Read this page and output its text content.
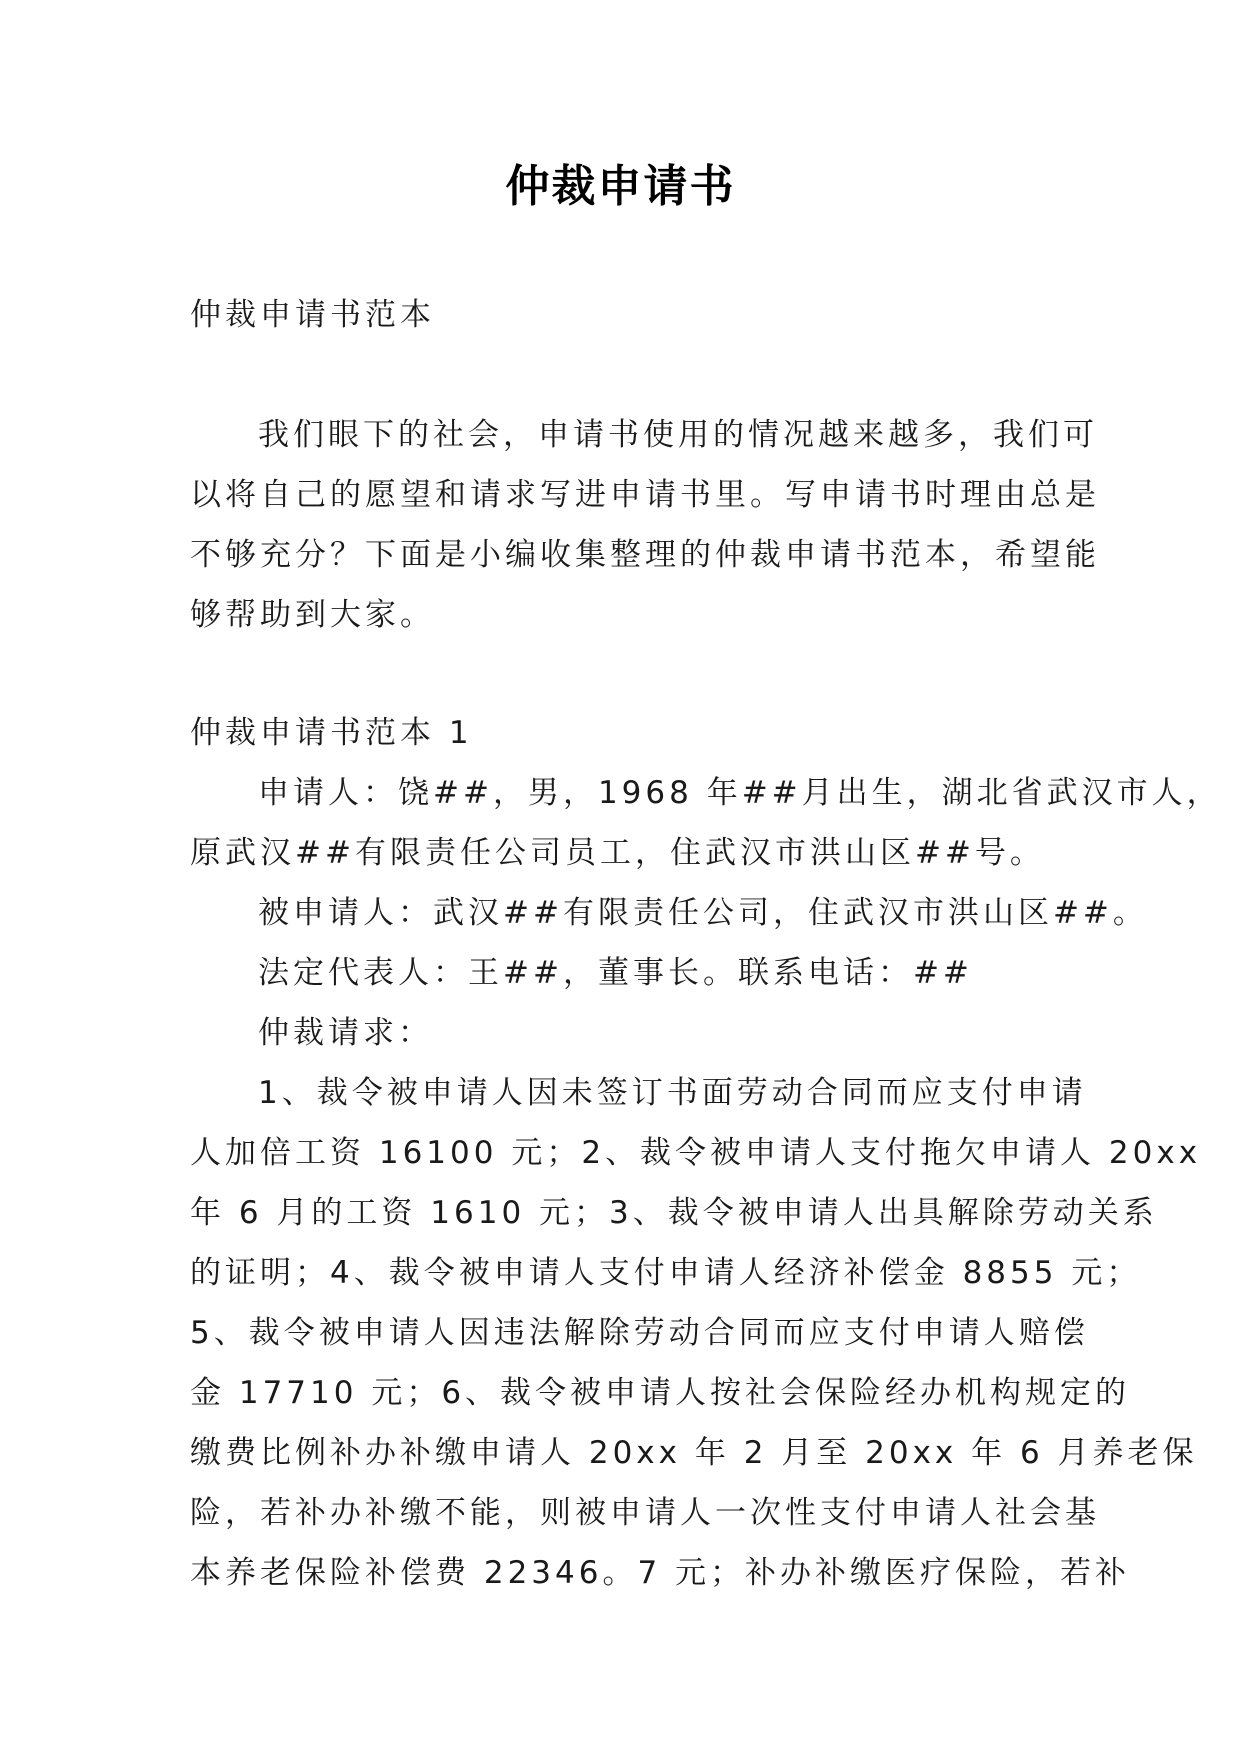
仲裁申请书
仲裁申请书范本
我们眼下的社会，申请书使用的情况越来越多，我们可
以将自己的愿望和请求写进申请书里。写申请书时理由总是
不够充分？下面是小编收集整理的仲裁申请书范本，希望能
够帮助到大家。
仲裁申请书范本 1
申请人：饶##，男，1968 年##月出生，湖北省武汉市人，
原武汉##有限责任公司员工，住武汉市洪山区##号。
被申请人：武汉##有限责任公司，住武汉市洪山区##。
法定代表人：王##，董事长。联系电话：##
仲裁请求：
1、裁令被申请人因未签订书面劳动合同而应支付申请
人加倍工资 16100 元；2、裁令被申请人支付拖欠申请人 20xx
年 6 月的工资 1610 元；3、裁令被申请人出具解除劳动关系
的证明；4、裁令被申请人支付申请人经济补偿金 8855 元；
5、裁令被申请人因违法解除劳动合同而应支付申请人赔偿
金 17710 元；6、裁令被申请人按社会保险经办机构规定的
缴费比例补办补缴申请人 20xx 年 2 月至 20xx 年 6 月养老保
险，若补办补缴不能，则被申请人一次性支付申请人社会基
本养老保险补偿费 22346。7 元；补办补缴医疗保险，若补
